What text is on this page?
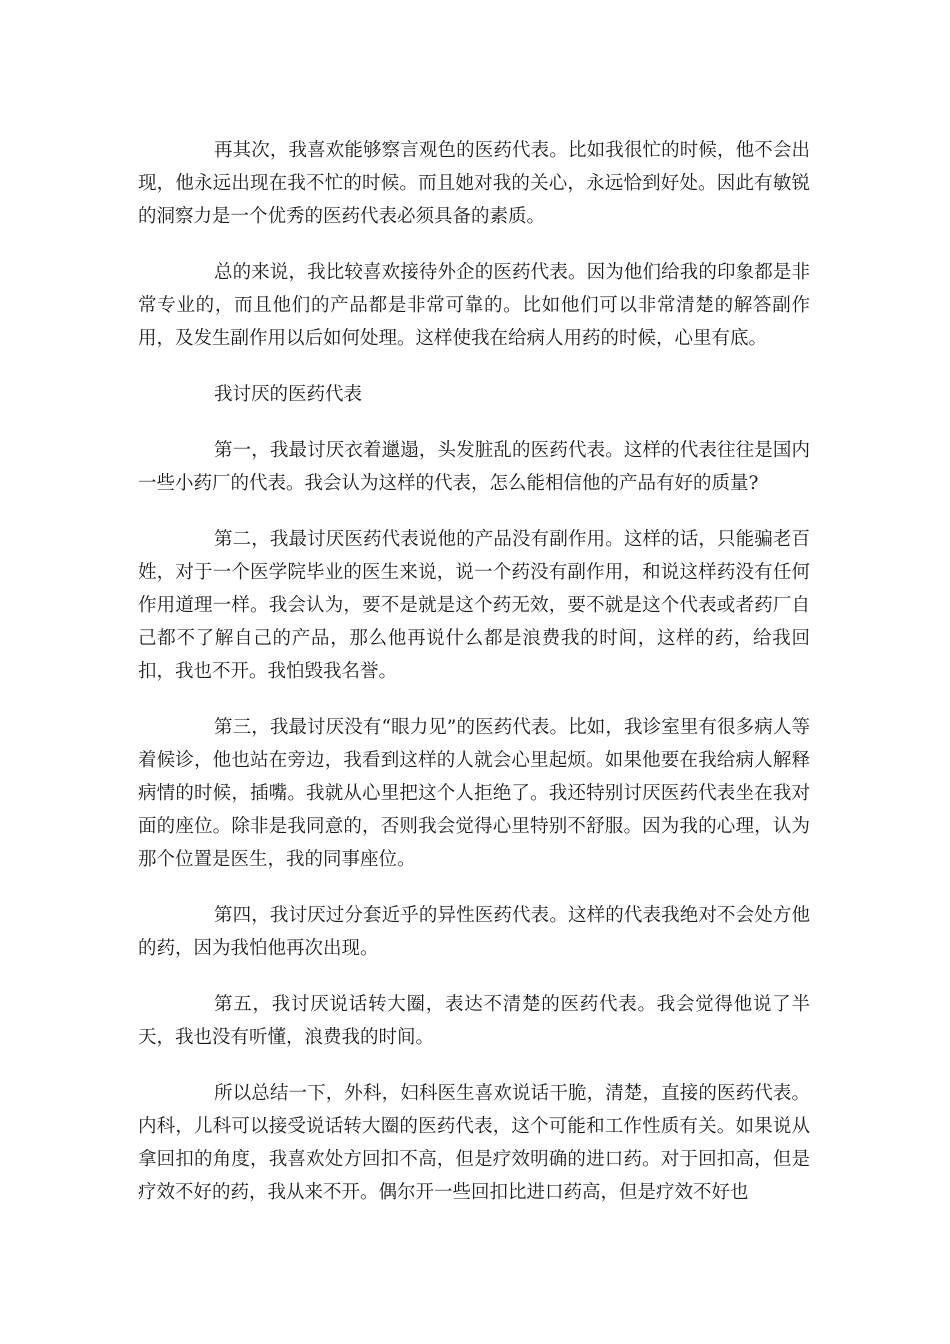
再其次，我喜欢能够察言观色的医药代表。比如我很忙的时候，他不会出现，他永远出现在我不忙的时候。而且她对我的关心，永远恰到好处。因此有敏锐的洞察力是一个优秀的医药代表必须具备的素质。

总的来说，我比较喜欢接待外企的医药代表。因为他们给我的印象都是非常专业的，而且他们的产品都是非常可靠的。比如他们可以非常清楚的解答副作用，及发生副作用以后如何处理。这样使我在给病人用药的时候，心里有底。

我讨厌的医药代表

第一，我最讨厌衣着邋遢，头发脏乱的医药代表。这样的代表往往是国内一些小药厂的代表。我会认为这样的代表，怎么能相信他的产品有好的质量?

第二，我最讨厌医药代表说他的产品没有副作用。这样的话，只能骗老百姓，对于一个医学院毕业的医生来说，说一个药没有副作用，和说这样药没有任何作用道理一样。我会认为，要不是就是这个药无效，要不就是这个代表或者药厂自己都不了解自己的产品，那么他再说什么都是浪费我的时间，这样的药，给我回扣，我也不开。我怕毁我名誉。

第三，我最讨厌没有“眼力见”的医药代表。比如，我诊室里有很多病人等着候诊，他也站在旁边，我看到这样的人就会心里起烦。如果他要在我给病人解释病情的时候，插嘴。我就从心里把这个人拒绝了。我还特别讨厌医药代表坐在我对面的座位。除非是我同意的，否则我会觉得心里特别不舒服。因为我的心理，认为那个位置是医生，我的同事座位。

第四，我讨厌过分套近乎的异性医药代表。这样的代表我绝对不会处方他的药，因为我怕他再次出现。

第五，我讨厌说话转大圈，表达不清楚的医药代表。我会觉得他说了半天，我也没有听懂，浪费我的时间。

所以总结一下，外科，妇科医生喜欢说话干脆，清楚，直接的医药代表。内科，儿科可以接受说话转大圈的医药代表，这个可能和工作性质有关。如果说从拿回扣的角度，我喜欢处方回扣不高，但是疗效明确的进口药。对于回扣高，但是疗效不好的药，我从来不开。偶尔开一些回扣比进口药高，但是疗效不好也
